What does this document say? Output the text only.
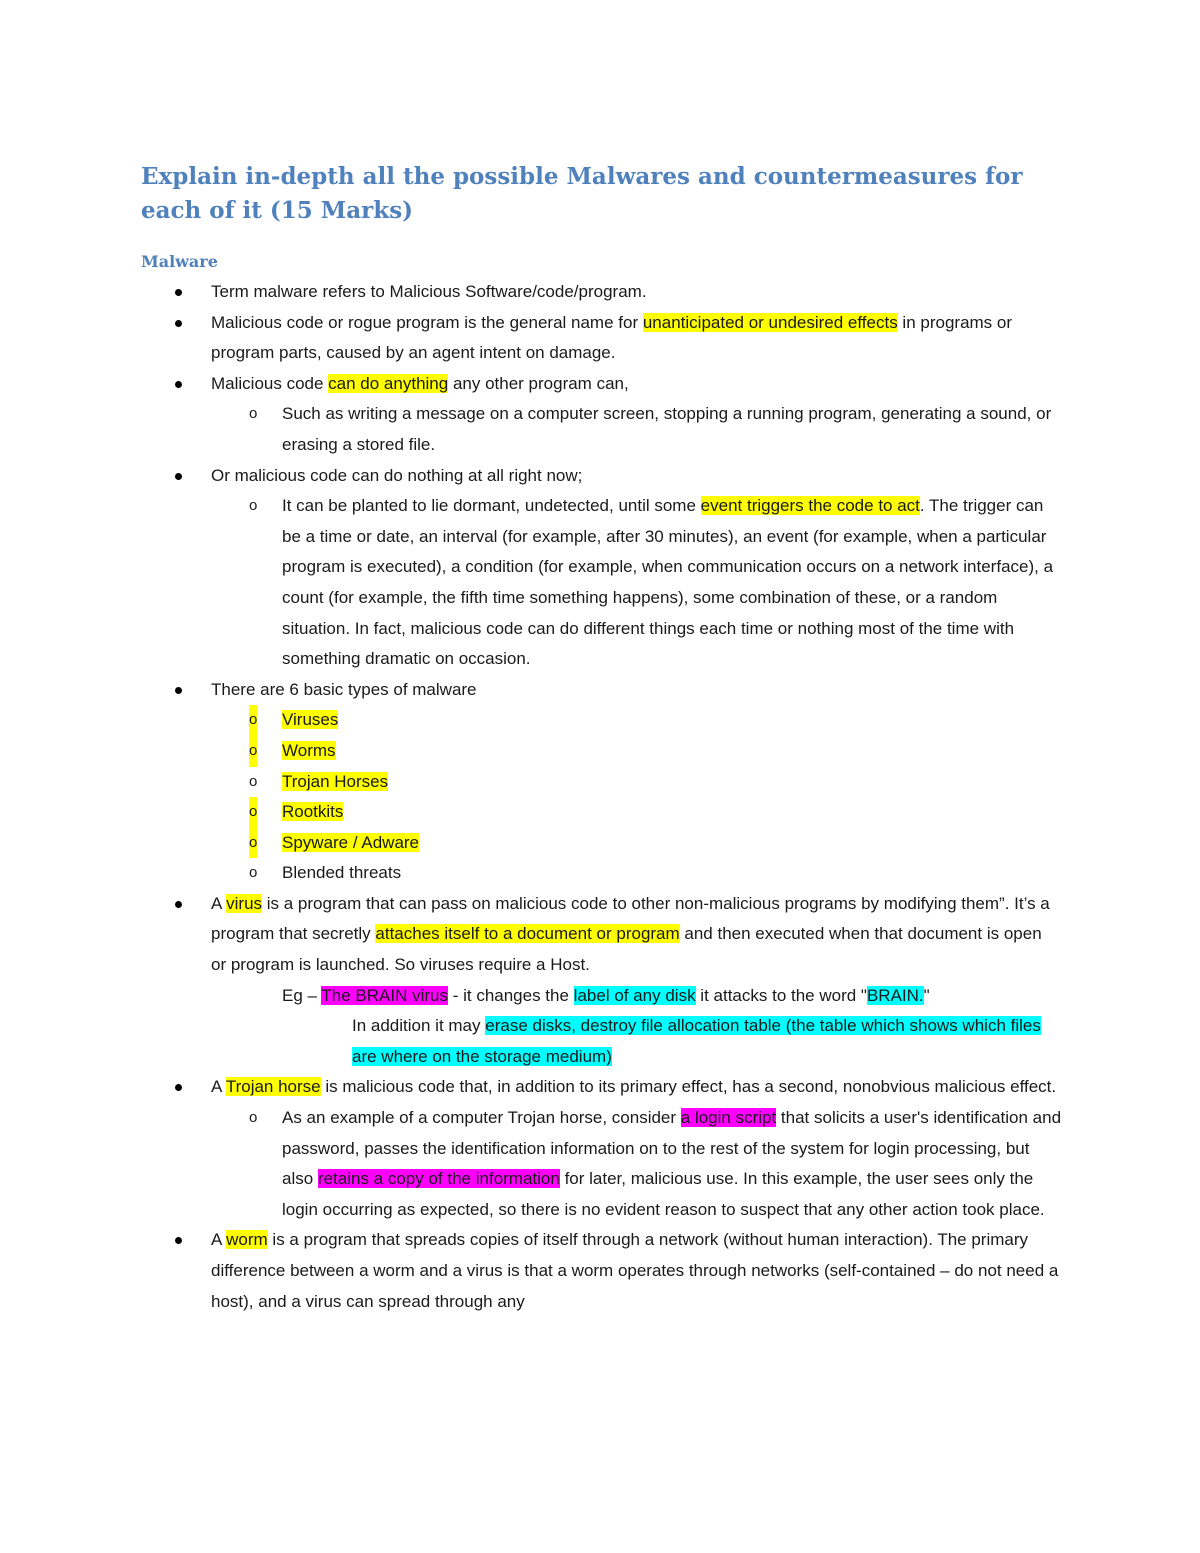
Explain in-depth all the possible Malwares and countermeasures for each of it (15 Marks)
Malware

Term malware refers to Malicious Software/code/program.

Malicious code or rogue program is the general name for unanticipated or undesired effects in programs or program parts, caused by an agent intent on damage.

Malicious code can do anything any other program can,

o Such as writing a message on a computer screen, stopping a running program, generating a sound, or erasing a stored file.

Or malicious code can do nothing at all right now;

o It can be planted to lie dormant, undetected, until some event triggers the code to act. The trigger can be a time or date, an interval (for example, after 30 minutes), an event (for example, when a particular program is executed), a condition (for example, when communication occurs on a network interface), a count (for example, the fifth time something happens), some combination of these, or a random situation. In fact, malicious code can do different things each time or nothing most of the time with something dramatic on occasion.

There are 6 basic types of malware

o Viruses

o Worms

o Trojan Horses

o Rootkits

o Spyware / Adware

o Blended threats

A virus is a program that can pass on malicious code to other non-malicious programs by modifying them”. It’s a program that secretly attaches itself to a document or program and then executed when that document is open or program is launched. So viruses require a Host.

Eg – The BRAIN virus - it changes the label of any disk it attacks to the word "BRAIN."

In addition it may erase disks, destroy file allocation table (the table which shows which files are where on the storage medium)

A Trojan horse is malicious code that, in addition to its primary effect, has a second, nonobvious malicious effect.

o As an example of a computer Trojan horse, consider a login script that solicits a user's identification and password, passes the identification information on to the rest of the system for login processing, but also retains a copy of the information for later, malicious use. In this example, the user sees only the login occurring as expected, so there is no evident reason to suspect that any other action took place.

A worm is a program that spreads copies of itself through a network (without human interaction). The primary difference between a worm and a virus is that a worm operates through networks (self-contained – do not need a host), and a virus can spread through any
